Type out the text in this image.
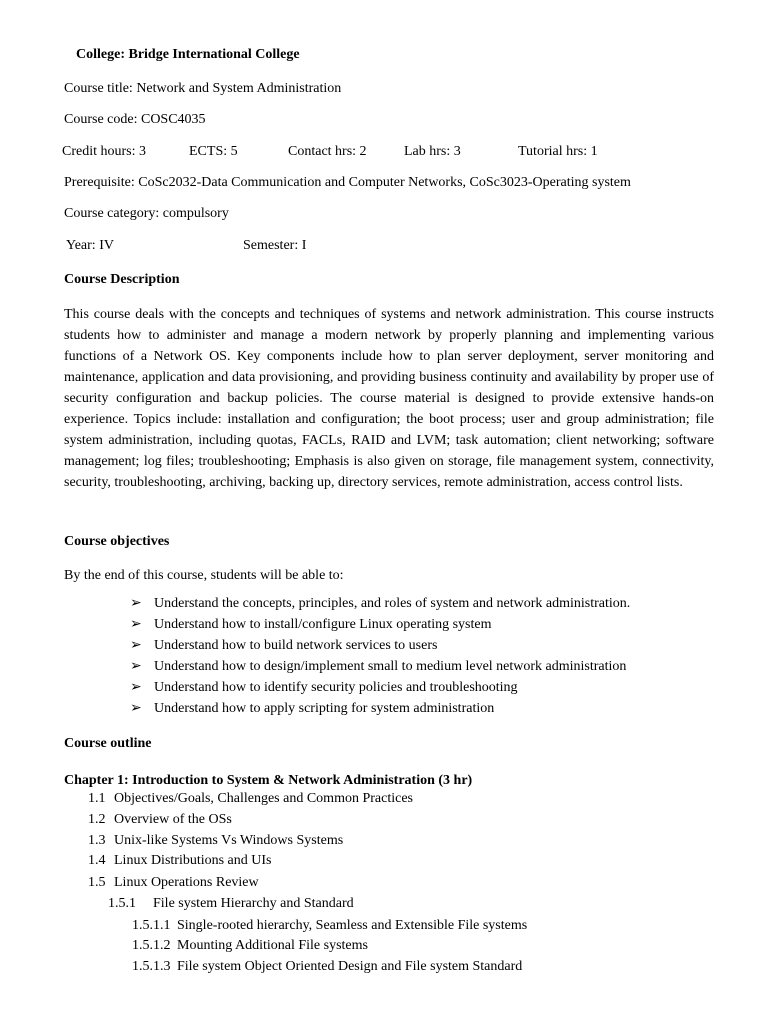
College: Bridge International College
Course title: Network and System Administration
Course code: COSC4035
Credit hours: 3	ECTS: 5	Contact hrs: 2	Lab hrs: 3	Tutorial hrs: 1
Prerequisite: CoSc2032-Data Communication and Computer Networks, CoSc3023-Operating system
Course category: compulsory
Year: IV	Semester: I
Course Description
This course deals with the concepts and techniques of systems and network administration. This course instructs students how to administer and manage a modern network by properly planning and implementing various functions of a Network OS. Key components include how to plan server deployment, server monitoring and maintenance, application and data provisioning, and providing business continuity and availability by proper use of security configuration and backup policies. The course material is designed to provide extensive hands-on experience. Topics include: installation and configuration; the boot process; user and group administration; file system administration, including quotas, FACLs, RAID and LVM; task automation; client networking; software management; log files; troubleshooting; Emphasis is also given on storage, file management system, connectivity, security, troubleshooting, archiving, backing up, directory services, remote administration, access control lists.
Course objectives
By the end of this course, students will be able to:
➢ Understand the concepts, principles, and roles of system and network administration.
➢ Understand how to install/configure Linux operating system
➢ Understand how to build network services to users
➢ Understand how to design/implement small to medium level network administration
➢ Understand how to identify security policies and troubleshooting
➢ Understand how to apply scripting for system administration
Course outline
Chapter 1: Introduction to System & Network Administration (3 hr)
1.1 Objectives/Goals, Challenges and Common Practices
1.2 Overview of the OSs
1.3 Unix-like Systems Vs Windows Systems
1.4 Linux Distributions and UIs
1.5 Linux Operations Review
1.5.1 File system Hierarchy and Standard
1.5.1.1 Single-rooted hierarchy, Seamless and Extensible File systems
1.5.1.2 Mounting Additional File systems
1.5.1.3 File system Object Oriented Design and File system Standard
